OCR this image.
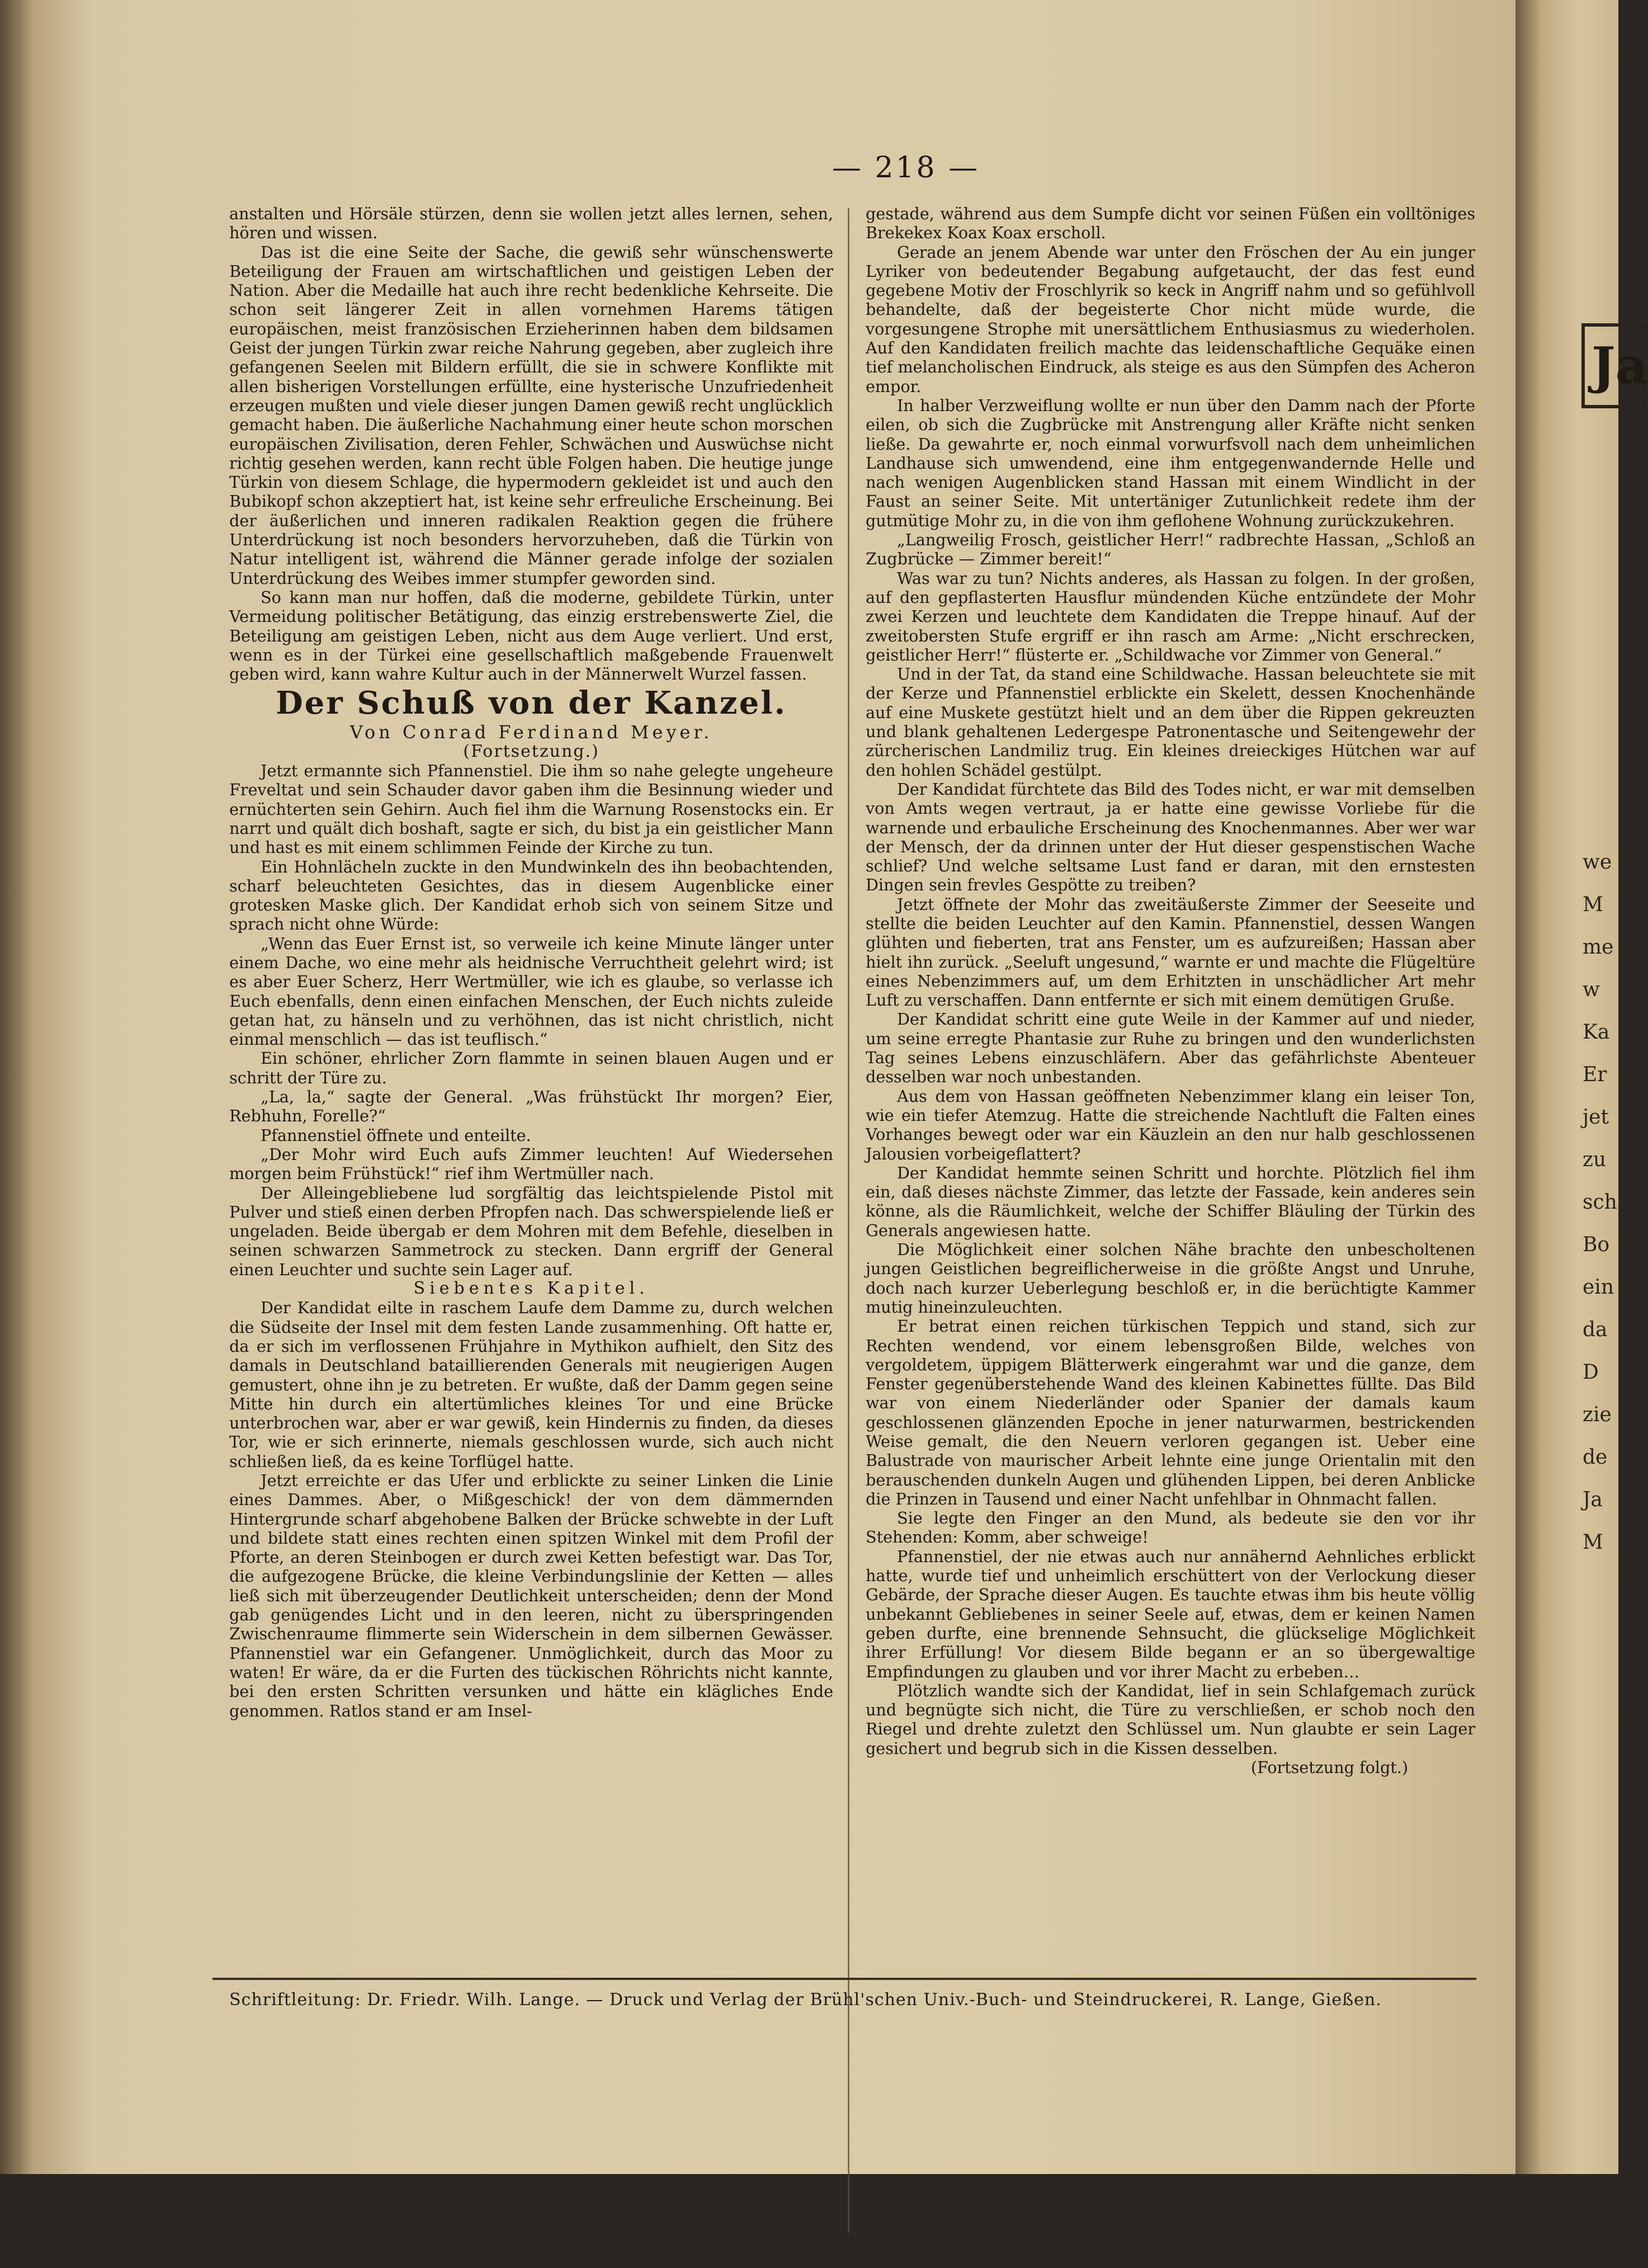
— 218 —

anstalten und Hörsäle stürzen, denn sie wollen jetzt alles lernen, sehen, hören und wissen.

Das ist die eine Seite der Sache, die gewiß sehr wünschenswerte Beteiligung der Frauen am wirtschaftlichen und geistigen Leben der Nation. Aber die Medaille hat auch ihre recht bedenkliche Kehrseite. Die schon seit längerer Zeit in allen vornehmen Harems tätigen europäischen, meist französischen Erzieherinnen haben dem bildsamen Geist der jungen Türkin zwar reiche Nahrung gegeben, aber zugleich ihre gefangenen Seelen mit Bildern erfüllt, die sie in schwere Konflikte mit allen bisherigen Vorstellungen erfüllte, eine hysterische Unzufriedenheit erzeugen mußten und viele dieser jungen Damen gewiß recht unglücklich gemacht haben. Die äußerliche Nachahmung einer heute schon morschen europäischen Zivilisation, deren Fehler, Schwächen und Auswüchse nicht richtig gesehen werden, kann recht üble Folgen haben. Die heutige junge Türkin von diesem Schlage, die hypermodern gekleidet ist und auch den Bubikopf schon akzeptiert hat, ist keine sehr erfreuliche Erscheinung. Bei der äußerlichen und inneren radikalen Reaktion gegen die frühere Unterdrückung ist noch besonders hervorzuheben, daß die Türkin von Natur intelligent ist, während die Männer gerade infolge der sozialen Unterdrückung des Weibes immer stumpfer geworden sind.

So kann man nur hoffen, daß die moderne, gebildete Türkin, unter Vermeidung politischer Betätigung, das einzig erstrebenswerte Ziel, die Beteiligung am geistigen Leben, nicht aus dem Auge verliert. Und erst, wenn es in der Türkei eine gesellschaftlich maßgebende Frauenwelt geben wird, kann wahre Kultur auch in der Männerwelt Wurzel fassen.

Der Schuß von der Kanzel.

Von Conrad Ferdinand Meyer.

(Fortsetzung.)

Jetzt ermannte sich Pfannenstiel. Die ihm so nahe gelegte ungeheure Freveltat und sein Schauder davor gaben ihm die Besinnung wieder und ernüchterten sein Gehirn. Auch fiel ihm die Warnung Rosenstocks ein. Er narrt und quält dich boshaft, sagte er sich, du bist ja ein geistlicher Mann und hast es mit einem schlimmen Feinde der Kirche zu tun.

Ein Hohnlächeln zuckte in den Mundwinkeln des ihn beobachtenden, scharf beleuchteten Gesichtes, das in diesem Augenblicke einer grotesken Maske glich. Der Kandidat erhob sich von seinem Sitze und sprach nicht ohne Würde:

„Wenn das Euer Ernst ist, so verweile ich keine Minute länger unter einem Dache, wo eine mehr als heidnische Verruchtheit gelehrt wird; ist es aber Euer Scherz, Herr Wertmüller, wie ich es glaube, so verlasse ich Euch ebenfalls, denn einen einfachen Menschen, der Euch nichts zuleide getan hat, zu hänseln und zu verhöhnen, das ist nicht christlich, nicht einmal menschlich — das ist teuflisch.“

Ein schöner, ehrlicher Zorn flammte in seinen blauen Augen und er schritt der Türe zu.

„La, la,“ sagte der General. „Was frühstückt Ihr morgen? Eier, Rebhuhn, Forelle?“

Pfannenstiel öffnete und enteilte.

„Der Mohr wird Euch aufs Zimmer leuchten! Auf Wiedersehen morgen beim Frühstück!“ rief ihm Wertmüller nach.

Der Alleingebliebene lud sorgfältig das leichtspielende Pistol mit Pulver und stieß einen derben Pfropfen nach. Das schwerspielende ließ er ungeladen. Beide übergab er dem Mohren mit dem Befehle, dieselben in seinen schwarzen Sammetrock zu stecken. Dann ergriff der General einen Leuchter und suchte sein Lager auf.

Siebentes Kapitel.

Der Kandidat eilte in raschem Laufe dem Damme zu, durch welchen die Südseite der Insel mit dem festen Lande zusammenhing. Oft hatte er, da er sich im verflossenen Frühjahre in Mythikon aufhielt, den Sitz des damals in Deutschland bataillierenden Generals mit neugierigen Augen gemustert, ohne ihn je zu betreten. Er wußte, daß der Damm gegen seine Mitte hin durch ein altertümliches kleines Tor und eine Brücke unterbrochen war, aber er war gewiß, kein Hindernis zu finden, da dieses Tor, wie er sich erinnerte, niemals geschlossen wurde, sich auch nicht schließen ließ, da es keine Torflügel hatte.

Jetzt erreichte er das Ufer und erblickte zu seiner Linken die Linie eines Dammes. Aber, o Mißgeschick! der von dem dämmernden Hintergrunde scharf abgehobene Balken der Brücke schwebte in der Luft und bildete statt eines rechten einen spitzen Winkel mit dem Profil der Pforte, an deren Steinbogen er durch zwei Ketten befestigt war. Das Tor, die aufgezogene Brücke, die kleine Verbindungslinie der Ketten — alles ließ sich mit überzeugender Deutlichkeit unterscheiden; denn der Mond gab genügendes Licht und in den leeren, nicht zu überspringenden Zwischenraume flimmerte sein Widerschein in dem silbernen Gewässer. Pfannenstiel war ein Gefangener. Unmöglichkeit, durch das Moor zu waten! Er wäre, da er die Furten des tückischen Röhrichts nicht kannte, bei den ersten Schritten versunken und hätte ein klägliches Ende genommen. Ratlos stand er am Insel-

gestade, während aus dem Sumpfe dicht vor seinen Füßen ein volltöniges Brekekex Koax Koax erscholl.

Gerade an jenem Abende war unter den Fröschen der Au ein junger Lyriker von bedeutender Begabung aufgetaucht, der das fest eund gegebene Motiv der Froschlyrik so keck in Angriff nahm und so gefühlvoll behandelte, daß der begeisterte Chor nicht müde wurde, die vorgesungene Strophe mit unersättlichem Enthusiasmus zu wiederholen. Auf den Kandidaten freilich machte das leidenschaftliche Gequäke einen tief melancholischen Eindruck, als steige es aus den Sümpfen des Acheron empor.

In halber Verzweiflung wollte er nun über den Damm nach der Pforte eilen, ob sich die Zugbrücke mit Anstrengung aller Kräfte nicht senken ließe. Da gewahrte er, noch einmal vorwurfsvoll nach dem unheimlichen Landhause sich umwendend, eine ihm entgegenwandernde Helle und nach wenigen Augenblicken stand Hassan mit einem Windlicht in der Faust an seiner Seite. Mit untertäniger Zutunlichkeit redete ihm der gutmütige Mohr zu, in die von ihm geflohene Wohnung zurückzukehren.

„Langweilig Frosch, geistlicher Herr!“ radbrechte Hassan, „Schloß an Zugbrücke — Zimmer bereit!“

Was war zu tun? Nichts anderes, als Hassan zu folgen. In der großen, auf den gepflasterten Hausflur mündenden Küche entzündete der Mohr zwei Kerzen und leuchtete dem Kandidaten die Treppe hinauf. Auf der zweitobersten Stufe ergriff er ihn rasch am Arme: „Nicht erschrecken, geistlicher Herr!“ flüsterte er. „Schildwache vor Zimmer von General.“

Und in der Tat, da stand eine Schildwache. Hassan beleuchtete sie mit der Kerze und Pfannenstiel erblickte ein Skelett, dessen Knochenhände auf eine Muskete gestützt hielt und an dem über die Rippen gekreuzten und blank gehaltenen Ledergespe Patronentasche und Seitengewehr der zürcherischen Landmiliz trug. Ein kleines dreieckiges Hütchen war auf den hohlen Schädel gestülpt.

Der Kandidat fürchtete das Bild des Todes nicht, er war mit demselben von Amts wegen vertraut, ja er hatte eine gewisse Vorliebe für die warnende und erbauliche Erscheinung des Knochenmannes. Aber wer war der Mensch, der da drinnen unter der Hut dieser gespenstischen Wache schlief? Und welche seltsame Lust fand er daran, mit den ernstesten Dingen sein frevles Gespötte zu treiben?

Jetzt öffnete der Mohr das zweitäußerste Zimmer der Seeseite und stellte die beiden Leuchter auf den Kamin. Pfannenstiel, dessen Wangen glühten und fieberten, trat ans Fenster, um es aufzureißen; Hassan aber hielt ihn zurück. „Seeluft ungesund,“ warnte er und machte die Flügeltüre eines Nebenzimmers auf, um dem Erhitzten in unschädlicher Art mehr Luft zu verschaffen. Dann entfernte er sich mit einem demütigen Gruße.

Der Kandidat schritt eine gute Weile in der Kammer auf und nieder, um seine erregte Phantasie zur Ruhe zu bringen und den wunderlichsten Tag seines Lebens einzuschläfern. Aber das gefährlichste Abenteuer desselben war noch unbestanden.

Aus dem von Hassan geöffneten Nebenzimmer klang ein leiser Ton, wie ein tiefer Atemzug. Hatte die streichende Nachtluft die Falten eines Vorhanges bewegt oder war ein Käuzlein an den nur halb geschlossenen Jalousien vorbeigeflattert?

Der Kandidat hemmte seinen Schritt und horchte. Plötzlich fiel ihm ein, daß dieses nächste Zimmer, das letzte der Fassade, kein anderes sein könne, als die Räumlichkeit, welche der Schiffer Bläuling der Türkin des Generals angewiesen hatte.

Die Möglichkeit einer solchen Nähe brachte den unbescholtenen jungen Geistlichen begreiflicherweise in die größte Angst und Unruhe, doch nach kurzer Ueberlegung beschloß er, in die berüchtigte Kammer mutig hineinzuleuchten.

Er betrat einen reichen türkischen Teppich und stand, sich zur Rechten wendend, vor einem lebensgroßen Bilde, welches von vergoldetem, üppigem Blätterwerk eingerahmt war und die ganze, dem Fenster gegenüberstehende Wand des kleinen Kabinettes füllte. Das Bild war von einem Niederländer oder Spanier der damals kaum geschlossenen glänzenden Epoche in jener naturwarmen, bestrickenden Weise gemalt, die den Neuern verloren gegangen ist. Ueber eine Balustrade von maurischer Arbeit lehnte eine junge Orientalin mit den berauschenden dunkeln Augen und glühenden Lippen, bei deren Anblicke die Prinzen in Tausend und einer Nacht unfehlbar in Ohnmacht fallen.

Sie legte den Finger an den Mund, als bedeute sie den vor ihr Stehenden: Komm, aber schweige!

Pfannenstiel, der nie etwas auch nur annähernd Aehnliches erblickt hatte, wurde tief und unheimlich erschüttert von der Verlockung dieser Gebärde, der Sprache dieser Augen. Es tauchte etwas ihm bis heute völlig unbekannt Gebliebenes in seiner Seele auf, etwas, dem er keinen Namen geben durfte, eine brennende Sehnsucht, die glückselige Möglichkeit ihrer Erfüllung! Vor diesem Bilde begann er an so übergewaltige Empfindungen zu glauben und vor ihrer Macht zu erbeben…

Plötzlich wandte sich der Kandidat, lief in sein Schlafgemach zurück und begnügte sich nicht, die Türe zu verschließen, er schob noch den Riegel und drehte zuletzt den Schlüssel um. Nun glaubte er sein Lager gesichert und begrub sich in die Kissen desselben.

(Fortsetzung folgt.)

Schriftleitung: Dr. Friedr. Wilh. Lange. — Druck und Verlag der Brühl'schen Univ.-Buch- und Steindruckerei, R. Lange, Gießen.
Ja
we
M
me
w
Ka
Er
jet
zu
sch
Bo
ein
da
D
zie
de
Ja
M
